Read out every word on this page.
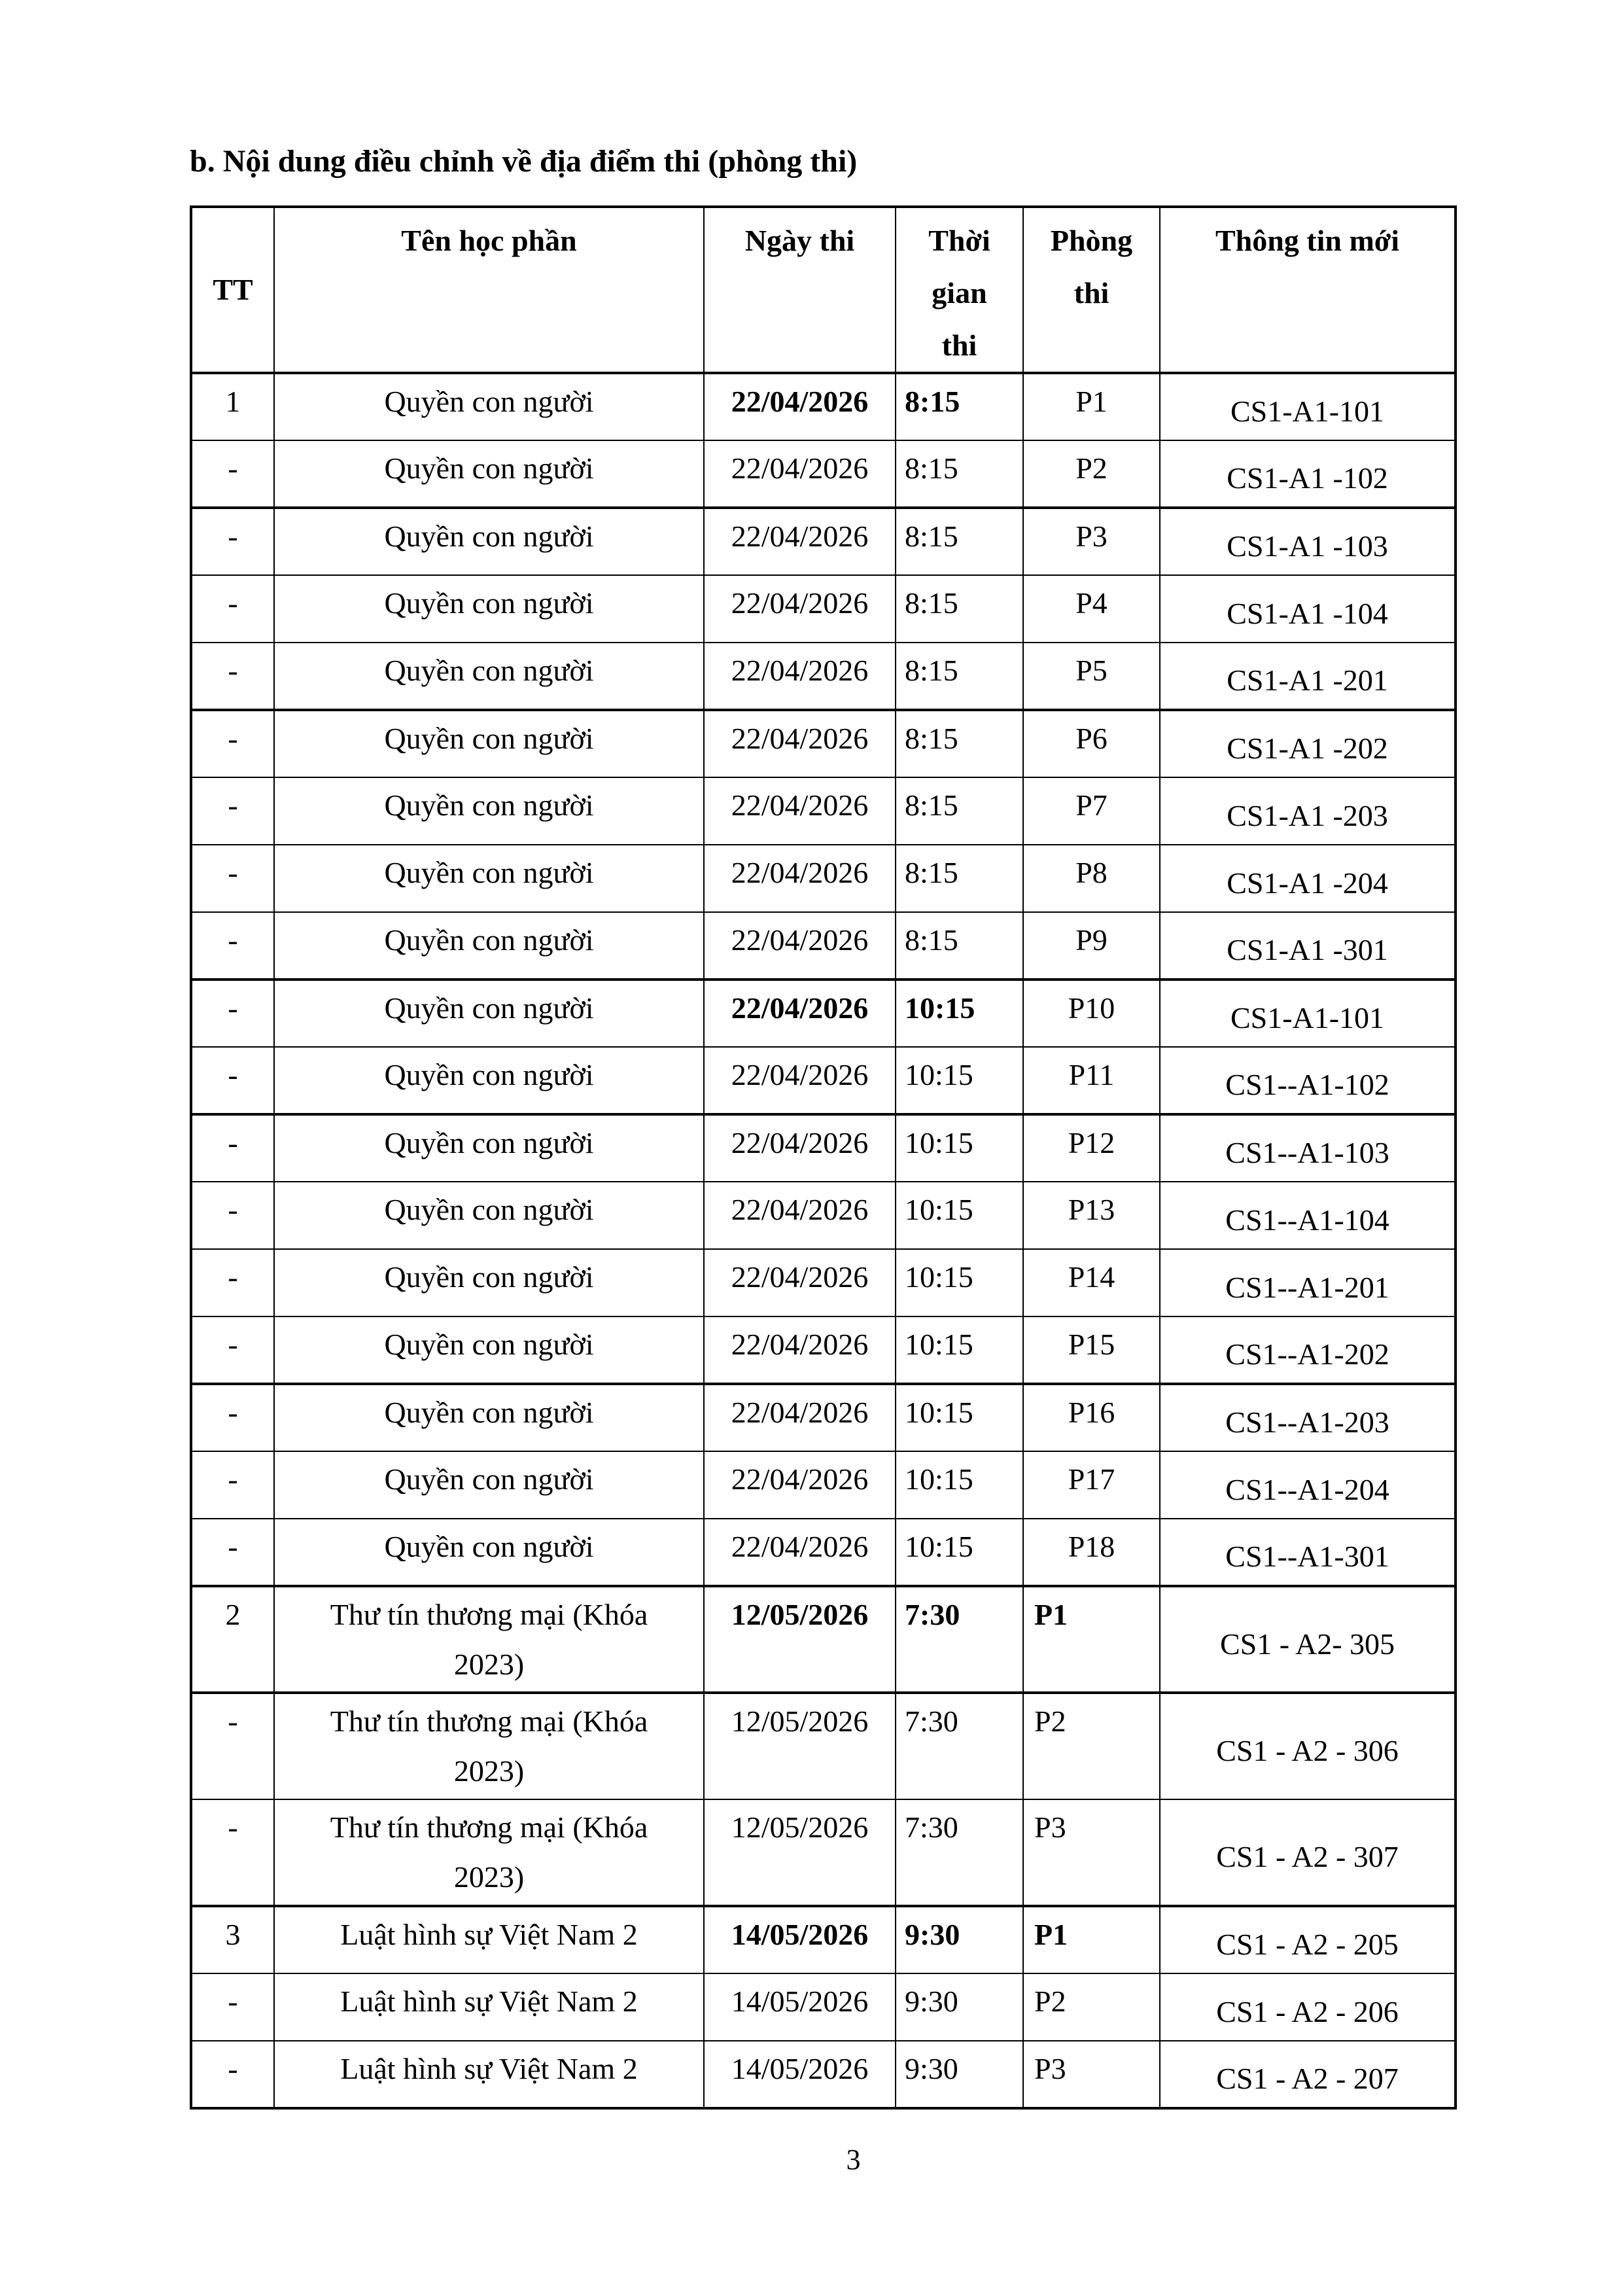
b. Nội dung điều chỉnh về địa điểm thi (phòng thi)
TT	Tên học phần	Ngày thi	Thời gian thi	Phòng thi	Thông tin mới
1	Quyền con người	22/04/2026	8:15	P1	CS1-A1-101
-	Quyền con người	22/04/2026	8:15	P2	CS1-A1 -102
-	Quyền con người	22/04/2026	8:15	P3	CS1-A1 -103
-	Quyền con người	22/04/2026	8:15	P4	CS1-A1 -104
-	Quyền con người	22/04/2026	8:15	P5	CS1-A1 -201
-	Quyền con người	22/04/2026	8:15	P6	CS1-A1 -202
-	Quyền con người	22/04/2026	8:15	P7	CS1-A1 -203
-	Quyền con người	22/04/2026	8:15	P8	CS1-A1 -204
-	Quyền con người	22/04/2026	8:15	P9	CS1-A1 -301
-	Quyền con người	22/04/2026	10:15	P10	CS1-A1-101
-	Quyền con người	22/04/2026	10:15	P11	CS1--A1-102
-	Quyền con người	22/04/2026	10:15	P12	CS1--A1-103
-	Quyền con người	22/04/2026	10:15	P13	CS1--A1-104
-	Quyền con người	22/04/2026	10:15	P14	CS1--A1-201
-	Quyền con người	22/04/2026	10:15	P15	CS1--A1-202
-	Quyền con người	22/04/2026	10:15	P16	CS1--A1-203
-	Quyền con người	22/04/2026	10:15	P17	CS1--A1-204
-	Quyền con người	22/04/2026	10:15	P18	CS1--A1-301
2	Thư tín thương mại (Khóa 2023)	12/05/2026	7:30	P1	CS1 - A2- 305
-	Thư tín thương mại (Khóa 2023)	12/05/2026	7:30	P2	CS1 - A2 - 306
-	Thư tín thương mại (Khóa 2023)	12/05/2026	7:30	P3	CS1 - A2 - 307
3	Luật hình sự Việt Nam 2	14/05/2026	9:30	P1	CS1 - A2 - 205
-	Luật hình sự Việt Nam 2	14/05/2026	9:30	P2	CS1 - A2 - 206
-	Luật hình sự Việt Nam 2	14/05/2026	9:30	P3	CS1 - A2 - 207
3
